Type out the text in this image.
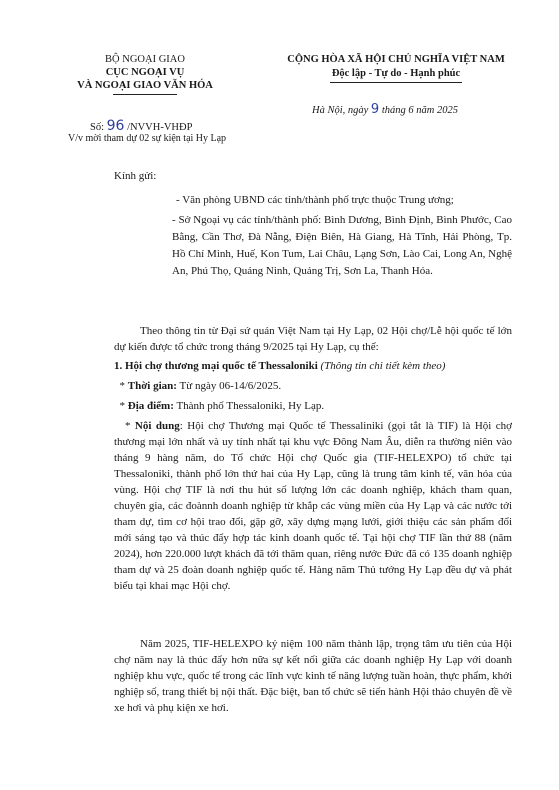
BỘ NGOẠI GIAO
CỤC NGOẠI VỤ
VÀ NGOẠI GIAO VĂN HÓA
CỘNG HÒA XÃ HỘI CHỦ NGHĨA VIỆT NAM
Độc lập - Tự do - Hạnh phúc
Hà Nội, ngày 9 tháng 6 năm 2025
Số: 96 /NVVH-VHĐP
V/v mời tham dự 02 sự kiện tại Hy Lạp
Kính gửi:
- Văn phòng UBND các tỉnh/thành phố trực thuộc Trung ương;
- Sở Ngoại vụ các tỉnh/thành phố: Bình Dương, Bình Định, Bình Phước, Cao Bằng, Cần Thơ, Đà Nẵng, Điện Biên, Hà Giang, Hà Tĩnh, Hải Phòng, Tp. Hồ Chí Minh, Huế, Kon Tum, Lai Châu, Lạng Sơn, Lào Cai, Long An, Nghệ An, Phú Thọ, Quảng Ninh, Quảng Trị, Sơn La, Thanh Hóa.
Theo thông tin từ Đại sứ quán Việt Nam tại Hy Lạp, 02 Hội chợ/Lễ hội quốc tế lớn dự kiến được tổ chức trong tháng 9/2025 tại Hy Lạp, cụ thể:
1. Hội chợ thương mại quốc tế Thessaloniki (Thông tin chi tiết kèm theo)
* Thời gian: Từ ngày 06-14/6/2025.
* Địa điểm: Thành phố Thessaloniki, Hy Lạp.
* Nội dung: Hội chợ Thương mại Quốc tế Thessaliniki (gọi tắt là TIF) là Hội chợ thương mại lớn nhất và uy tính nhất tại khu vực Đông Nam Âu, diễn ra thường niên vào tháng 9 hàng năm, do Tổ chức Hội chợ Quốc gia (TIF-HELEXPO) tổ chức tại Thessaloniki, thành phố lớn thứ hai của Hy Lạp, cũng là trung tâm kinh tế, văn hóa của vùng. Hội chợ TIF là nơi thu hút số lượng lớn các doanh nghiệp, khách tham quan, chuyên gia, các đoànnh doanh nghiệp từ khắp các vùng miền của Hy Lạp và các nước tới tham dự, tìm cơ hội trao đổi, gặp gỡ, xây dựng mạng lưới, giới thiệu các sản phẩm đổi mới sáng tạo và thúc đẩy hợp tác kinh doanh quốc tế. Tại hội chợ TIF lần thứ 88 (năm 2024), hơn 220.000 lượt khách đã tới thăm quan, riêng nước Đức đã có 135 doanh nghiệp tham dự và 25 đoàn doanh nghiệp quốc tế. Hàng năm Thủ tướng Hy Lạp đều dự và phát biểu tại khai mạc Hội chợ.
Năm 2025, TIF-HELEXPO kỷ niệm 100 năm thành lập, trọng tâm ưu tiên của Hội chợ năm nay là thúc đẩy hơn nữa sự kết nối giữa các doanh nghiệp Hy Lạp với doanh nghiệp khu vực, quốc tế trong các lĩnh vực kinh tế năng lượng tuần hoàn, thực phẩm, khởi nghiệp số, trang thiết bị nội thất. Đặc biệt, ban tổ chức sẽ tiến hành Hội thảo chuyên đề về xe hơi và phụ kiện xe hơi.
